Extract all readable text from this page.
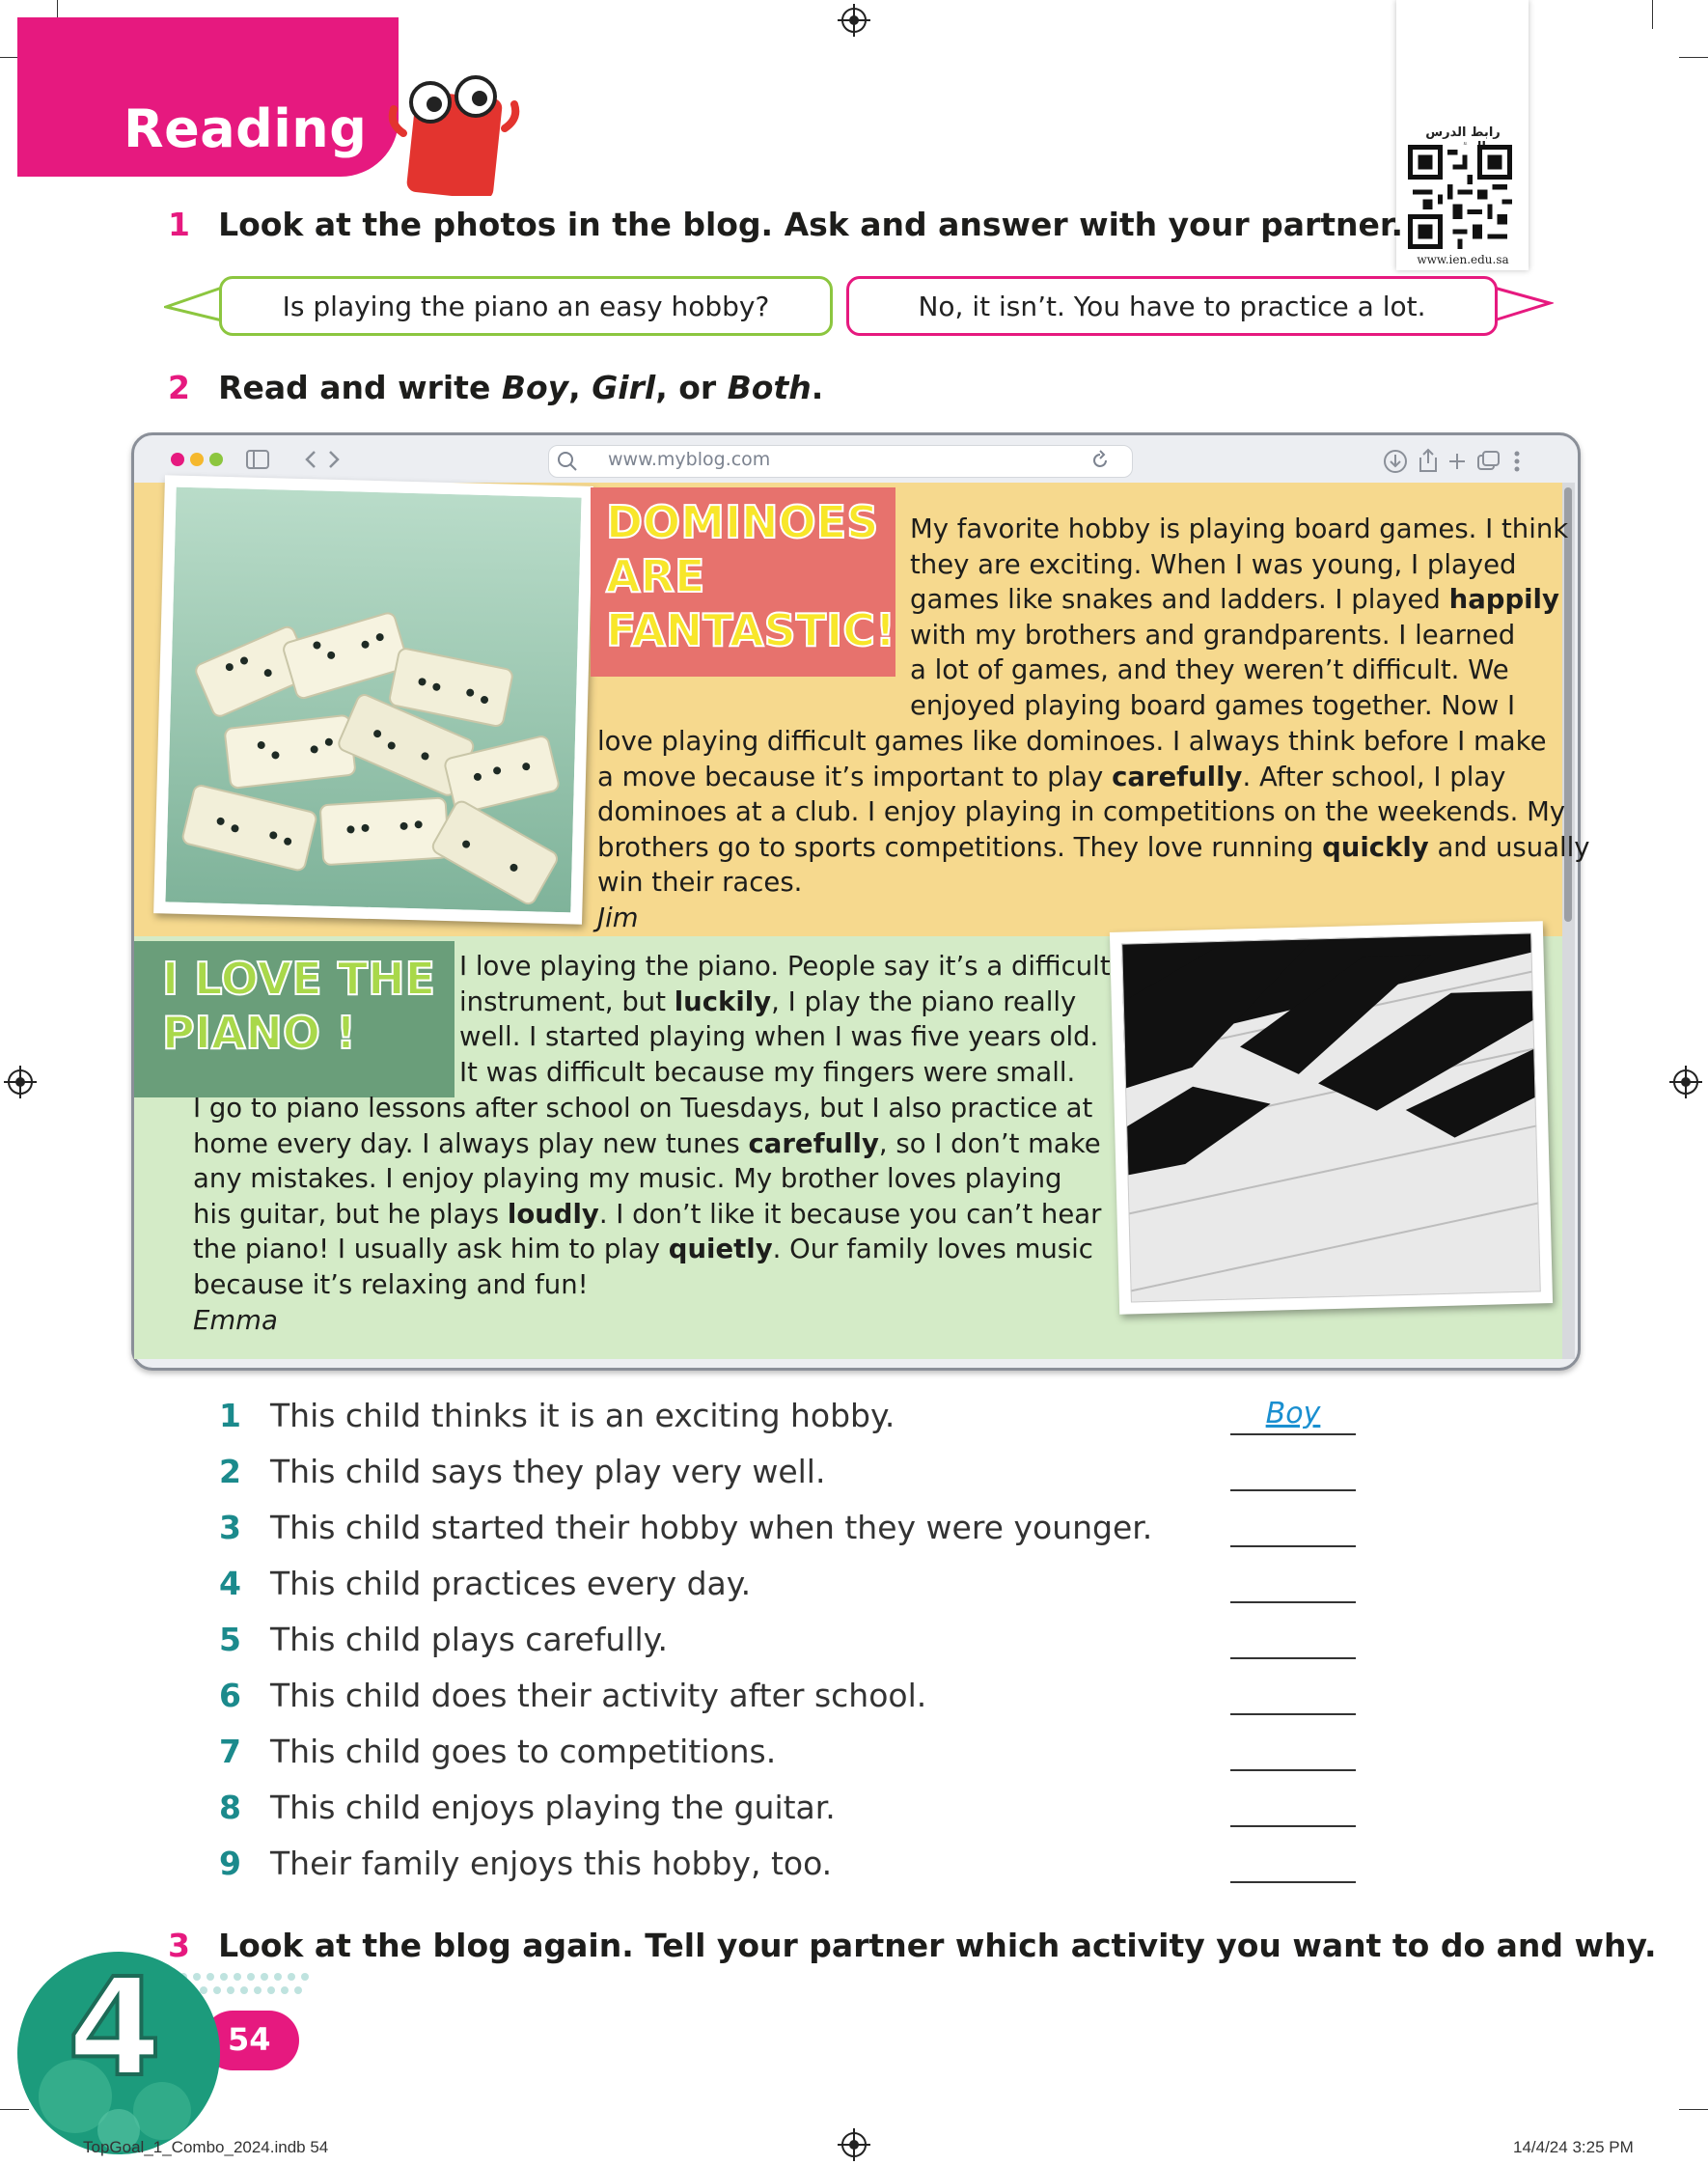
Reading	رابط الدرس
www.ien.edu.sa
1 Look at the photos in the blog. Ask and answer with your partner.
Is playing the piano an easy hobby?	No, it isn’t. You have to practice a lot.
2 Read and write Boy, Girl, or Both.
www.myblog.com
DOMINOES
ARE
FANTASTIC!
My favorite hobby is playing board games. I think
they are exciting. When I was young, I played
games like snakes and ladders. I played happily
with my brothers and grandparents. I learned
a lot of games, and they weren’t difficult. We
enjoyed playing board games together. Now I
love playing difficult games like dominoes. I always think before I make
a move because it’s important to play carefully. After school, I play
dominoes at a club. I enjoy playing in competitions on the weekends. My
brothers go to sports competitions. They love running quickly and usually
win their races.
Jim
I LOVE THE
PIANO !
I love playing the piano. People say it’s a difficult
instrument, but luckily, I play the piano really
well. I started playing when I was five years old.
It was difficult because my fingers were small.
I go to piano lessons after school on Tuesdays, but I also practice at
home every day. I always play new tunes carefully, so I don’t make
any mistakes. I enjoy playing my music. My brother loves playing
his guitar, but he plays loudly. I don’t like it because you can’t hear
the piano! I usually ask him to play quietly. Our family loves music
because it’s relaxing and fun!
Emma
1 This child thinks it is an exciting hobby.	Boy
2 This child says they play very well.
3 This child started their hobby when they were younger.
4 This child practices every day.
5 This child plays carefully.
6 This child does their activity after school.
7 This child goes to competitions.
8 This child enjoys playing the guitar.
9 Their family enjoys this hobby, too.
3 Look at the blog again. Tell your partner which activity you want to do and why.
54
4
TopGoal_1_Combo_2024.indb 54	14/4/24 3:25 PM
